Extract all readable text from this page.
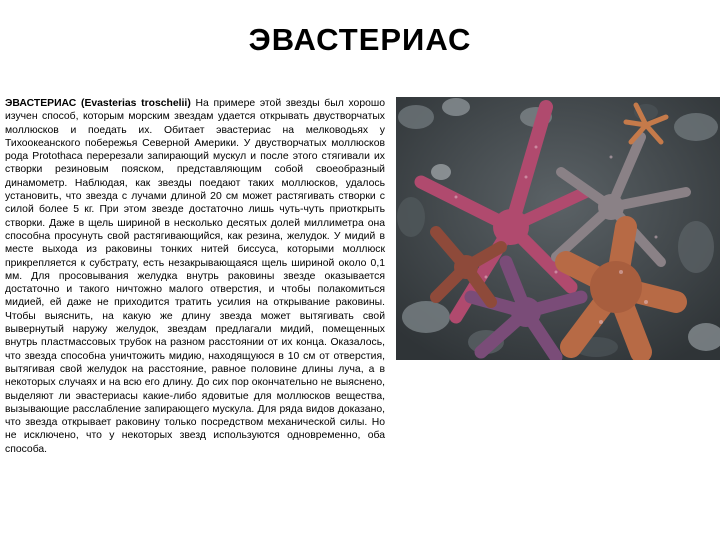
ЭВАСТЕРИАС

ЭВАСТЕРИАС (Evasterias troschelii) На примере этой звезды был хорошо изучен способ, которым морским звездам удается открывать двустворчатых моллюсков и поедать их. Обитает эвастериас на мелководьях у Тихоокеанского побережья Северной Америки. У двустворчатых моллюсков рода Protothaca перерезали запирающий мускул и после этого стягивали их створки резиновым пояском, представляющим собой своеобразный динамометр. Наблюдая, как звезды поедают таких моллюсков, удалось установить, что звезда с лучами длиной 20 см может растягивать створки с силой более 5 кг. При этом звезде достаточно лишь чуть-чуть приоткрыть створки. Даже в щель шириной в несколько десятых долей миллиметра она способна просунуть свой растягивающийся, как резина, желудок. У мидий в месте выхода из раковины тонких нитей биссуса, которыми моллюск прикрепляется к субстрату, есть незакрывающаяся щель шириной около 0,1 мм. Для просовывания желудка внутрь раковины звезде оказывается достаточно и такого ничтожно малого отверстия, и чтобы полакомиться мидией, ей даже не приходится тратить усилия на открывание раковины. Чтобы выяснить, на какую же длину звезда может вытягивать свой вывернутый наружу желудок, звездам предлагали мидий, помещенных внутрь пластмассовых трубок на разном расстоянии от их конца. Оказалось, что звезда способна уничтожить мидию, находящуюся в 10 см от отверстия, вытягивая свой желудок на расстояние, равное половине длины луча, а в некоторых случаях и на всю его длину. До сих пор окончательно не выяснено, выделяют ли эвастериасы какие-либо ядовитые для моллюсков вещества, вызывающие расслабление запирающего мускула. Для ряда видов доказано, что звезда открывает раковину только посредством механической силы. Но не исключено, что у некоторых звезд используются одновременно, оба способа.
